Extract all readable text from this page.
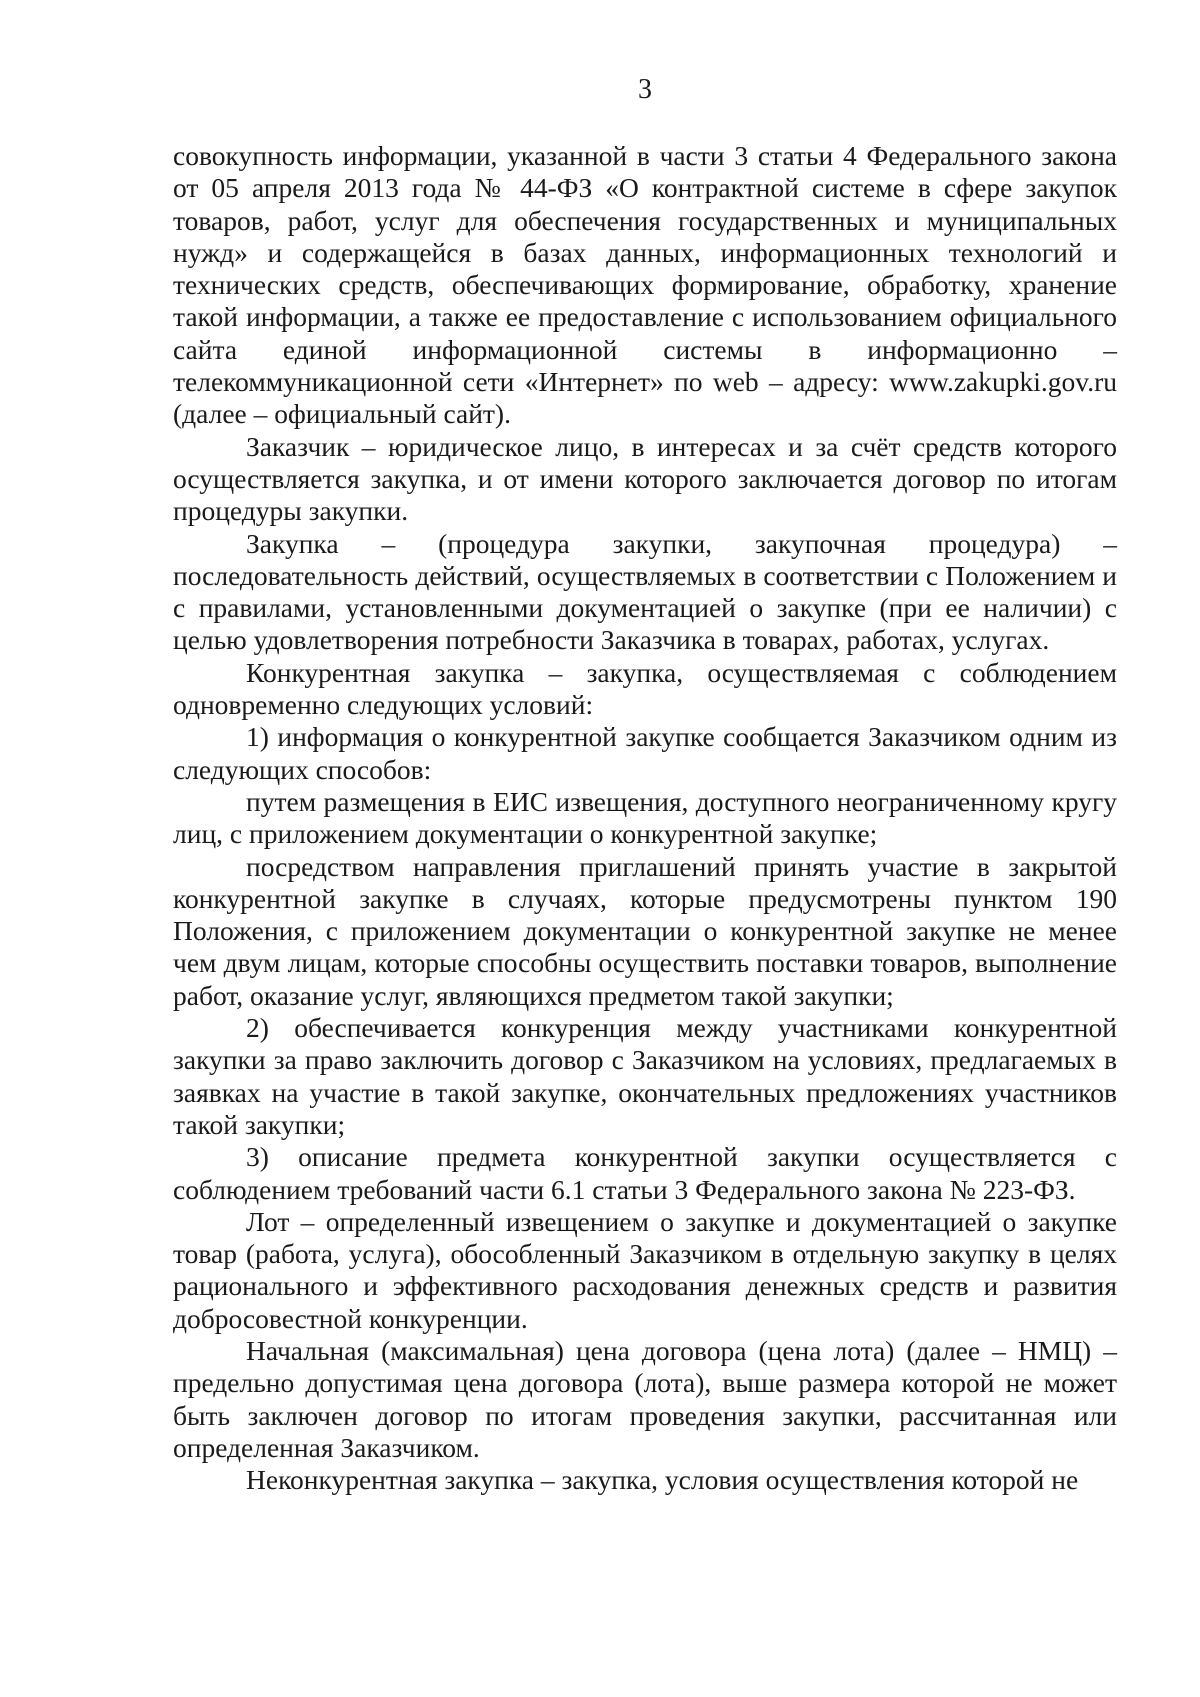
3

совокупность информации, указанной в части 3 статьи 4 Федерального закона от 05 апреля 2013 года № 44-ФЗ «О контрактной системе в сфере закупок товаров, работ, услуг для обеспечения государственных и муниципальных нужд» и содержащейся в базах данных, информационных технологий и технических средств, обеспечивающих формирование, обработку, хранение такой информации, а также ее предоставление с использованием официального сайта единой информационной системы в информационно – телекоммуникационной сети «Интернет» по web – адресу: www.zakupki.gov.ru (далее – официальный сайт).

Заказчик – юридическое лицо, в интересах и за счёт средств которого осуществляется закупка, и от имени которого заключается договор по итогам процедуры закупки.

Закупка – (процедура закупки, закупочная процедура) – последовательность действий, осуществляемых в соответствии с Положением и с правилами, установленными документацией о закупке (при ее наличии) с целью удовлетворения потребности Заказчика в товарах, работах, услугах.

Конкурентная закупка – закупка, осуществляемая с соблюдением одновременно следующих условий:

1) информация о конкурентной закупке сообщается Заказчиком одним из следующих способов:

путем размещения в ЕИС извещения, доступного неограниченному кругу лиц, с приложением документации о конкурентной закупке;

посредством направления приглашений принять участие в закрытой конкурентной закупке в случаях, которые предусмотрены пунктом 190 Положения, с приложением документации о конкурентной закупке не менее чем двум лицам, которые способны осуществить поставки товаров, выполнение работ, оказание услуг, являющихся предметом такой закупки;

2) обеспечивается конкуренция между участниками конкурентной закупки за право заключить договор с Заказчиком на условиях, предлагаемых в заявках на участие в такой закупке, окончательных предложениях участников такой закупки;

3) описание предмета конкурентной закупки осуществляется с соблюдением требований части 6.1 статьи 3 Федерального закона № 223-ФЗ.

Лот – определенный извещением о закупке и документацией о закупке товар (работа, услуга), обособленный Заказчиком в отдельную закупку в целях рационального и эффективного расходования денежных средств и развития добросовестной конкуренции.

Начальная (максимальная) цена договора (цена лота) (далее – НМЦ) – предельно допустимая цена договора (лота), выше размера которой не может быть заключен договор по итогам проведения закупки, рассчитанная или определенная Заказчиком.

Неконкурентная закупка – закупка, условия осуществления которой не
